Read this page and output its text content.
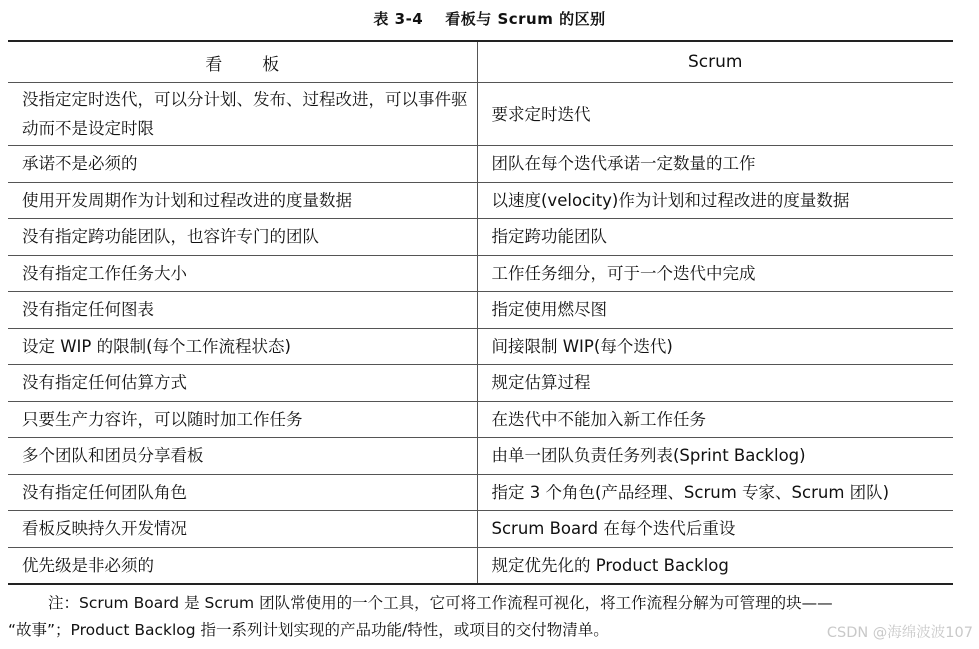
表 3-4 看板与 Scrum 的区别
看板	Scrum
没指定定时迭代，可以分计划、发布、过程改进，可以事件驱动而不是设定时限	要求定时迭代
承诺不是必须的	团队在每个迭代承诺一定数量的工作
使用开发周期作为计划和过程改进的度量数据	以速度(velocity)作为计划和过程改进的度量数据
没有指定跨功能团队，也容许专门的团队	指定跨功能团队
没有指定工作任务大小	工作任务细分，可于一个迭代中完成
没有指定任何图表	指定使用燃尽图
设定 WIP 的限制(每个工作流程状态)	间接限制 WIP(每个迭代)
没有指定任何估算方式	规定估算过程
只要生产力容许，可以随时加工作任务	在迭代中不能加入新工作任务
多个团队和团员分享看板	由单一团队负责任务列表(Sprint Backlog)
没有指定任何团队角色	指定 3 个角色(产品经理、Scrum 专家、Scrum 团队)
看板反映持久开发情况	Scrum Board 在每个迭代后重设
优先级是非必须的	规定优先化的 Product Backlog
注：Scrum Board 是 Scrum 团队常使用的一个工具，它可将工作流程可视化，将工作流程分解为可管理的块——
“故事”；Product Backlog 指一系列计划实现的产品功能/特性，或项目的交付物清单。	CSDN @海绵波波107
